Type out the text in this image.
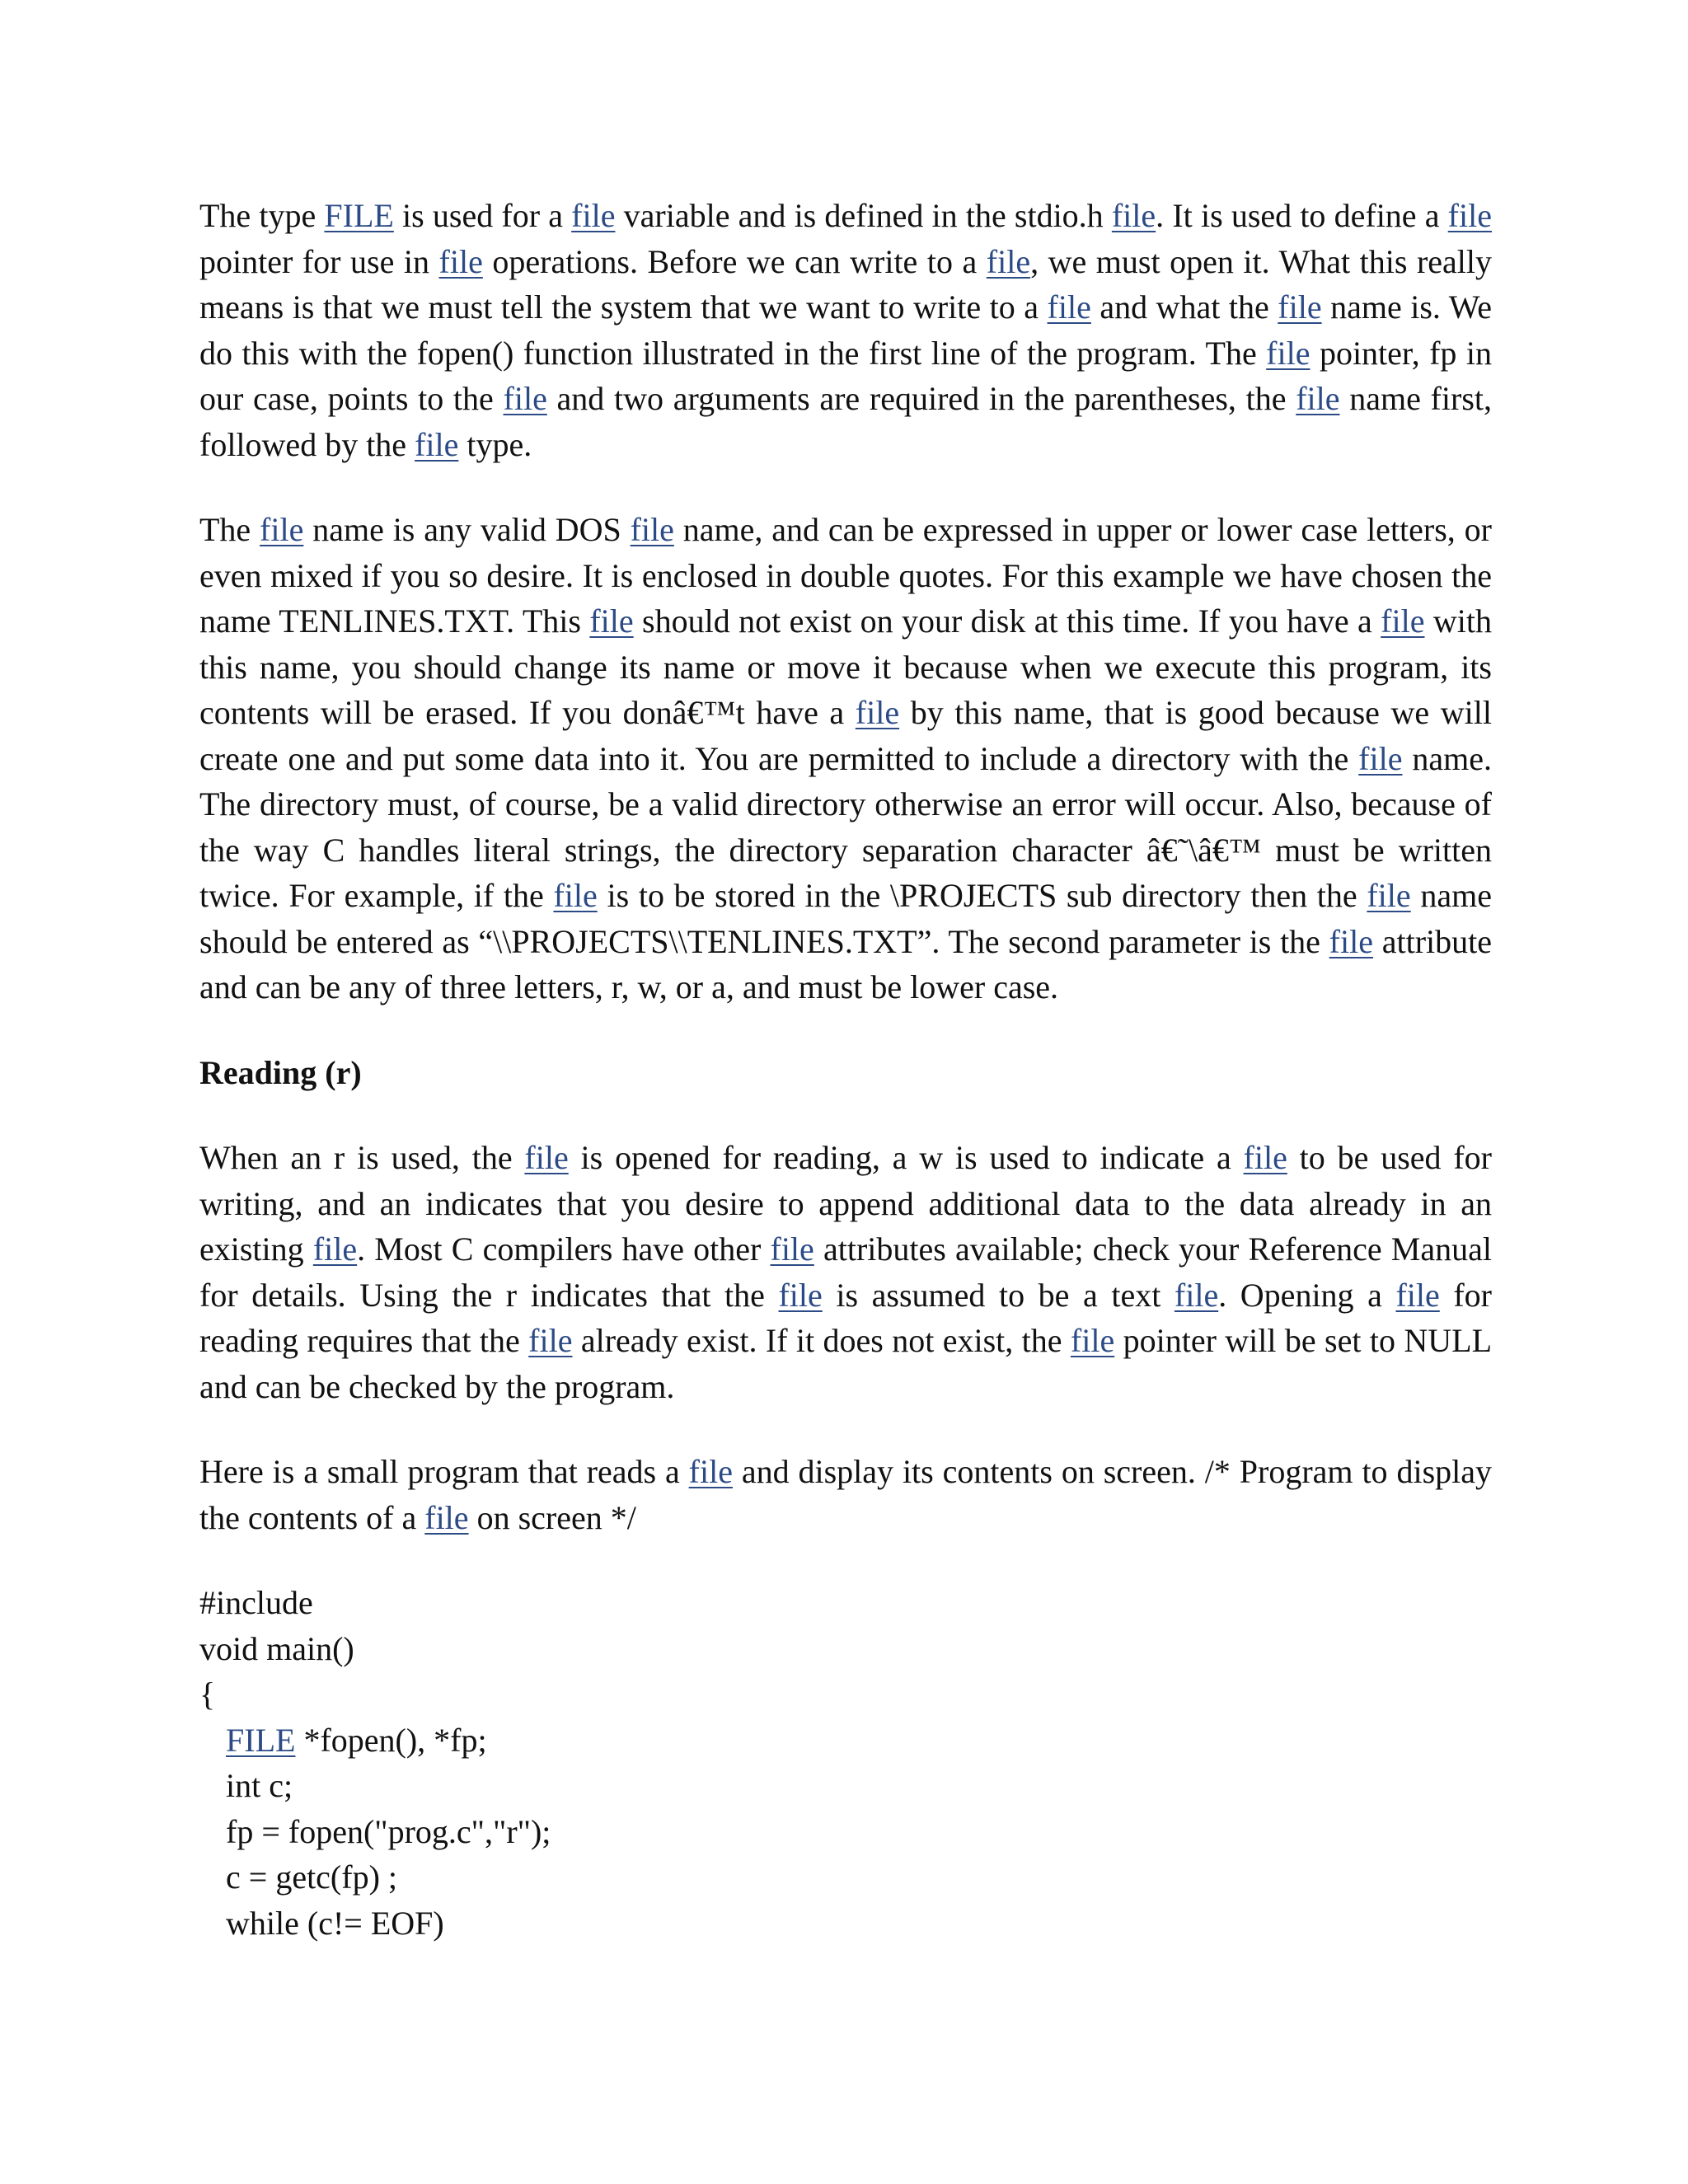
The type FILE is used for a file variable and is defined in the stdio.h file. It is used to define a file pointer for use in file operations. Before we can write to a file, we must open it. What this really means is that we must tell the system that we want to write to a file and what the file name is. We do this with the fopen() function illustrated in the first line of the program. The file pointer, fp in our case, points to the file and two arguments are required in the parentheses, the file name first, followed by the file type.

The file name is any valid DOS file name, and can be expressed in upper or lower case letters, or even mixed if you so desire. It is enclosed in double quotes. For this example we have chosen the name TENLINES.TXT. This file should not exist on your disk at this time. If you have a file with this name, you should change its name or move it because when we execute this program, its contents will be erased. If you donâ€™t have a file by this name, that is good because we will create one and put some data into it. You are permitted to include a directory with the file name. The directory must, of course, be a valid directory otherwise an error will occur. Also, because of the way C handles literal strings, the directory separation character â€˜\â€™ must be written twice. For example, if the file is to be stored in the \PROJECTS sub directory then the file name should be entered as “\\PROJECTS\\TENLINES.TXT”. The second parameter is the file attribute and can be any of three letters, r, w, or a, and must be lower case.

Reading (r)

When an r is used, the file is opened for reading, a w is used to indicate a file to be used for writing, and an indicates that you desire to append additional data to the data already in an existing file. Most C compilers have other file attributes available; check your Reference Manual for details. Using the r indicates that the file is assumed to be a text file. Opening a file for reading requires that the file already exist. If it does not exist, the file pointer will be set to NULL and can be checked by the program.

Here is a small program that reads a file and display its contents on screen. /* Program to display the contents of a file on screen */

#include
void main()
{
FILE *fopen(), *fp;
int c;
fp = fopen("prog.c","r");
c = getc(fp) ;
while (c!= EOF)
